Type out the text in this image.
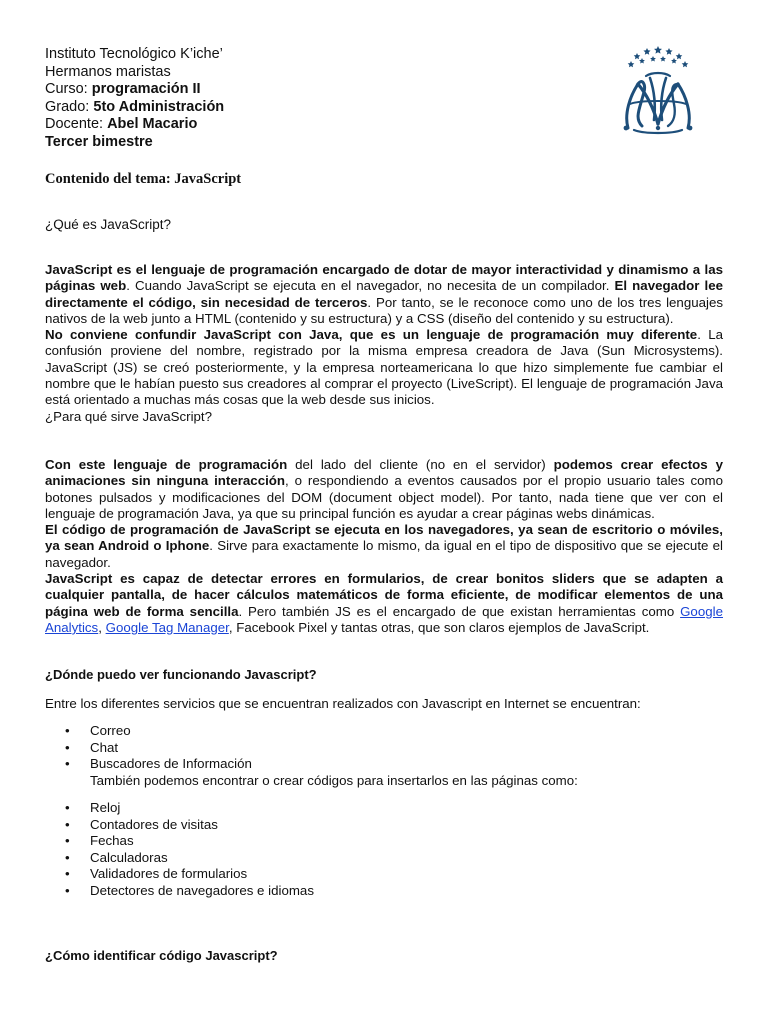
Instituto Tecnológico K’iche’
Hermanos maristas
Curso: programación II
Grado: 5to Administración
Docente: Abel Macario
Tercer bimestre
Contenido del tema: JavaScript
¿Qué es JavaScript?

JavaScript es el lenguaje de programación encargado de dotar de mayor interactividad y dinamismo a las páginas web. Cuando JavaScript se ejecuta en el navegador, no necesita de un compilador. El navegador lee directamente el código, sin necesidad de terceros. Por tanto, se le reconoce como uno de los tres lenguajes nativos de la web junto a HTML (contenido y su estructura) y a CSS (diseño del contenido y su estructura).

No conviene confundir JavaScript con Java, que es un lenguaje de programación muy diferente. La confusión proviene del nombre, registrado por la misma empresa creadora de Java (Sun Microsystems). JavaScript (JS) se creó posteriormente, y la empresa norteamericana lo que hizo simplemente fue cambiar el nombre que le habían puesto sus creadores al comprar el proyecto (LiveScript). El lenguaje de programación Java está orientado a muchas más cosas que la web desde sus inicios.

¿Para qué sirve JavaScript?

Con este lenguaje de programación del lado del cliente (no en el servidor) podemos crear efectos y animaciones sin ninguna interacción, o respondiendo a eventos causados por el propio usuario tales como botones pulsados y modificaciones del DOM (document object model). Por tanto, nada tiene que ver con el lenguaje de programación Java, ya que su principal función es ayudar a crear páginas webs dinámicas.

El código de programación de JavaScript se ejecuta en los navegadores, ya sean de escritorio o móviles, ya sean Android o Iphone. Sirve para exactamente lo mismo, da igual en el tipo de dispositivo que se ejecute el navegador.

JavaScript es capaz de detectar errores en formularios, de crear bonitos sliders que se adapten a cualquier pantalla, de hacer cálculos matemáticos de forma eficiente, de modificar elementos de una página web de forma sencilla. Pero también JS es el encargado de que existan herramientas como Google Analytics, Google Tag Manager, Facebook Pixel y tantas otras, que son claros ejemplos de JavaScript.

¿Dónde puedo ver funcionando Javascript?
Entre los diferentes servicios que se encuentran realizados con Javascript en Internet se encuentran:
• Correo
• Chat
• Buscadores de Información
También podemos encontrar o crear códigos para insertarlos en las páginas como:
• Reloj
• Contadores de visitas
• Fechas
• Calculadoras
• Validadores de formularios
• Detectores de navegadores e idiomas
¿Cómo identificar código Javascript?
